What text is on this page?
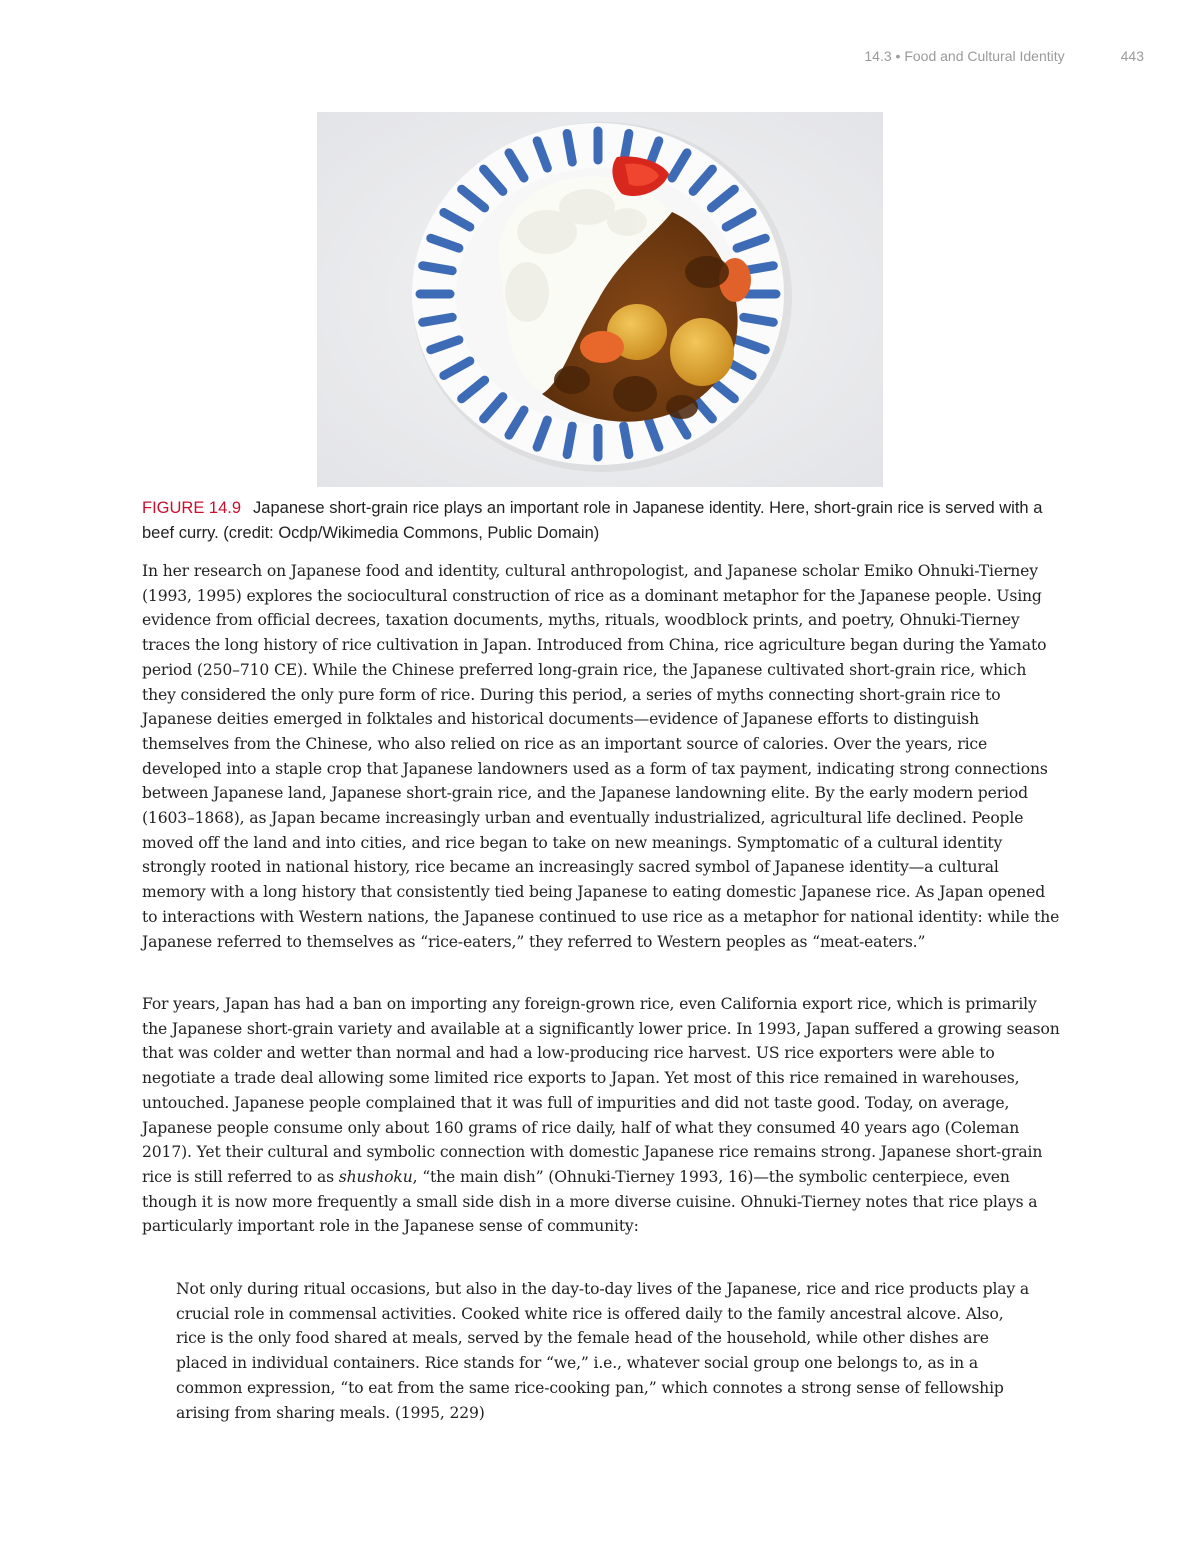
14.3 • Food and Cultural Identity	443
FIGURE 14.9 Japanese short-grain rice plays an important role in Japanese identity. Here, short-grain rice is served with a beef curry. (credit: Ocdp/Wikimedia Commons, Public Domain)

In her research on Japanese food and identity, cultural anthropologist, and Japanese scholar Emiko Ohnuki-Tierney (1993, 1995) explores the sociocultural construction of rice as a dominant metaphor for the Japanese people. Using evidence from official decrees, taxation documents, myths, rituals, woodblock prints, and poetry, Ohnuki-Tierney traces the long history of rice cultivation in Japan. Introduced from China, rice agriculture began during the Yamato period (250–710 CE). While the Chinese preferred long-grain rice, the Japanese cultivated short-grain rice, which they considered the only pure form of rice. During this period, a series of myths connecting short-grain rice to Japanese deities emerged in folktales and historical documents—evidence of Japanese efforts to distinguish themselves from the Chinese, who also relied on rice as an important source of calories. Over the years, rice developed into a staple crop that Japanese landowners used as a form of tax payment, indicating strong connections between Japanese land, Japanese short-grain rice, and the Japanese landowning elite. By the early modern period (1603–1868), as Japan became increasingly urban and eventually industrialized, agricultural life declined. People moved off the land and into cities, and rice began to take on new meanings. Symptomatic of a cultural identity strongly rooted in national history, rice became an increasingly sacred symbol of Japanese identity—a cultural memory with a long history that consistently tied being Japanese to eating domestic Japanese rice. As Japan opened to interactions with Western nations, the Japanese continued to use rice as a metaphor for national identity: while the Japanese referred to themselves as “rice-eaters,” they referred to Western peoples as “meat-eaters.”

For years, Japan has had a ban on importing any foreign-grown rice, even California export rice, which is primarily the Japanese short-grain variety and available at a significantly lower price. In 1993, Japan suffered a growing season that was colder and wetter than normal and had a low-producing rice harvest. US rice exporters were able to negotiate a trade deal allowing some limited rice exports to Japan. Yet most of this rice remained in warehouses, untouched. Japanese people complained that it was full of impurities and did not taste good. Today, on average, Japanese people consume only about 160 grams of rice daily, half of what they consumed 40 years ago (Coleman 2017). Yet their cultural and symbolic connection with domestic Japanese rice remains strong. Japanese short-grain rice is still referred to as shushoku, “the main dish” (Ohnuki-Tierney 1993, 16)—the symbolic centerpiece, even though it is now more frequently a small side dish in a more diverse cuisine. Ohnuki-Tierney notes that rice plays a particularly important role in the Japanese sense of community:

Not only during ritual occasions, but also in the day-to-day lives of the Japanese, rice and rice products play a crucial role in commensal activities. Cooked white rice is offered daily to the family ancestral alcove. Also, rice is the only food shared at meals, served by the female head of the household, while other dishes are placed in individual containers. Rice stands for “we,” i.e., whatever social group one belongs to, as in a common expression, “to eat from the same rice-cooking pan,” which connotes a strong sense of fellowship arising from sharing meals. (1995, 229)
